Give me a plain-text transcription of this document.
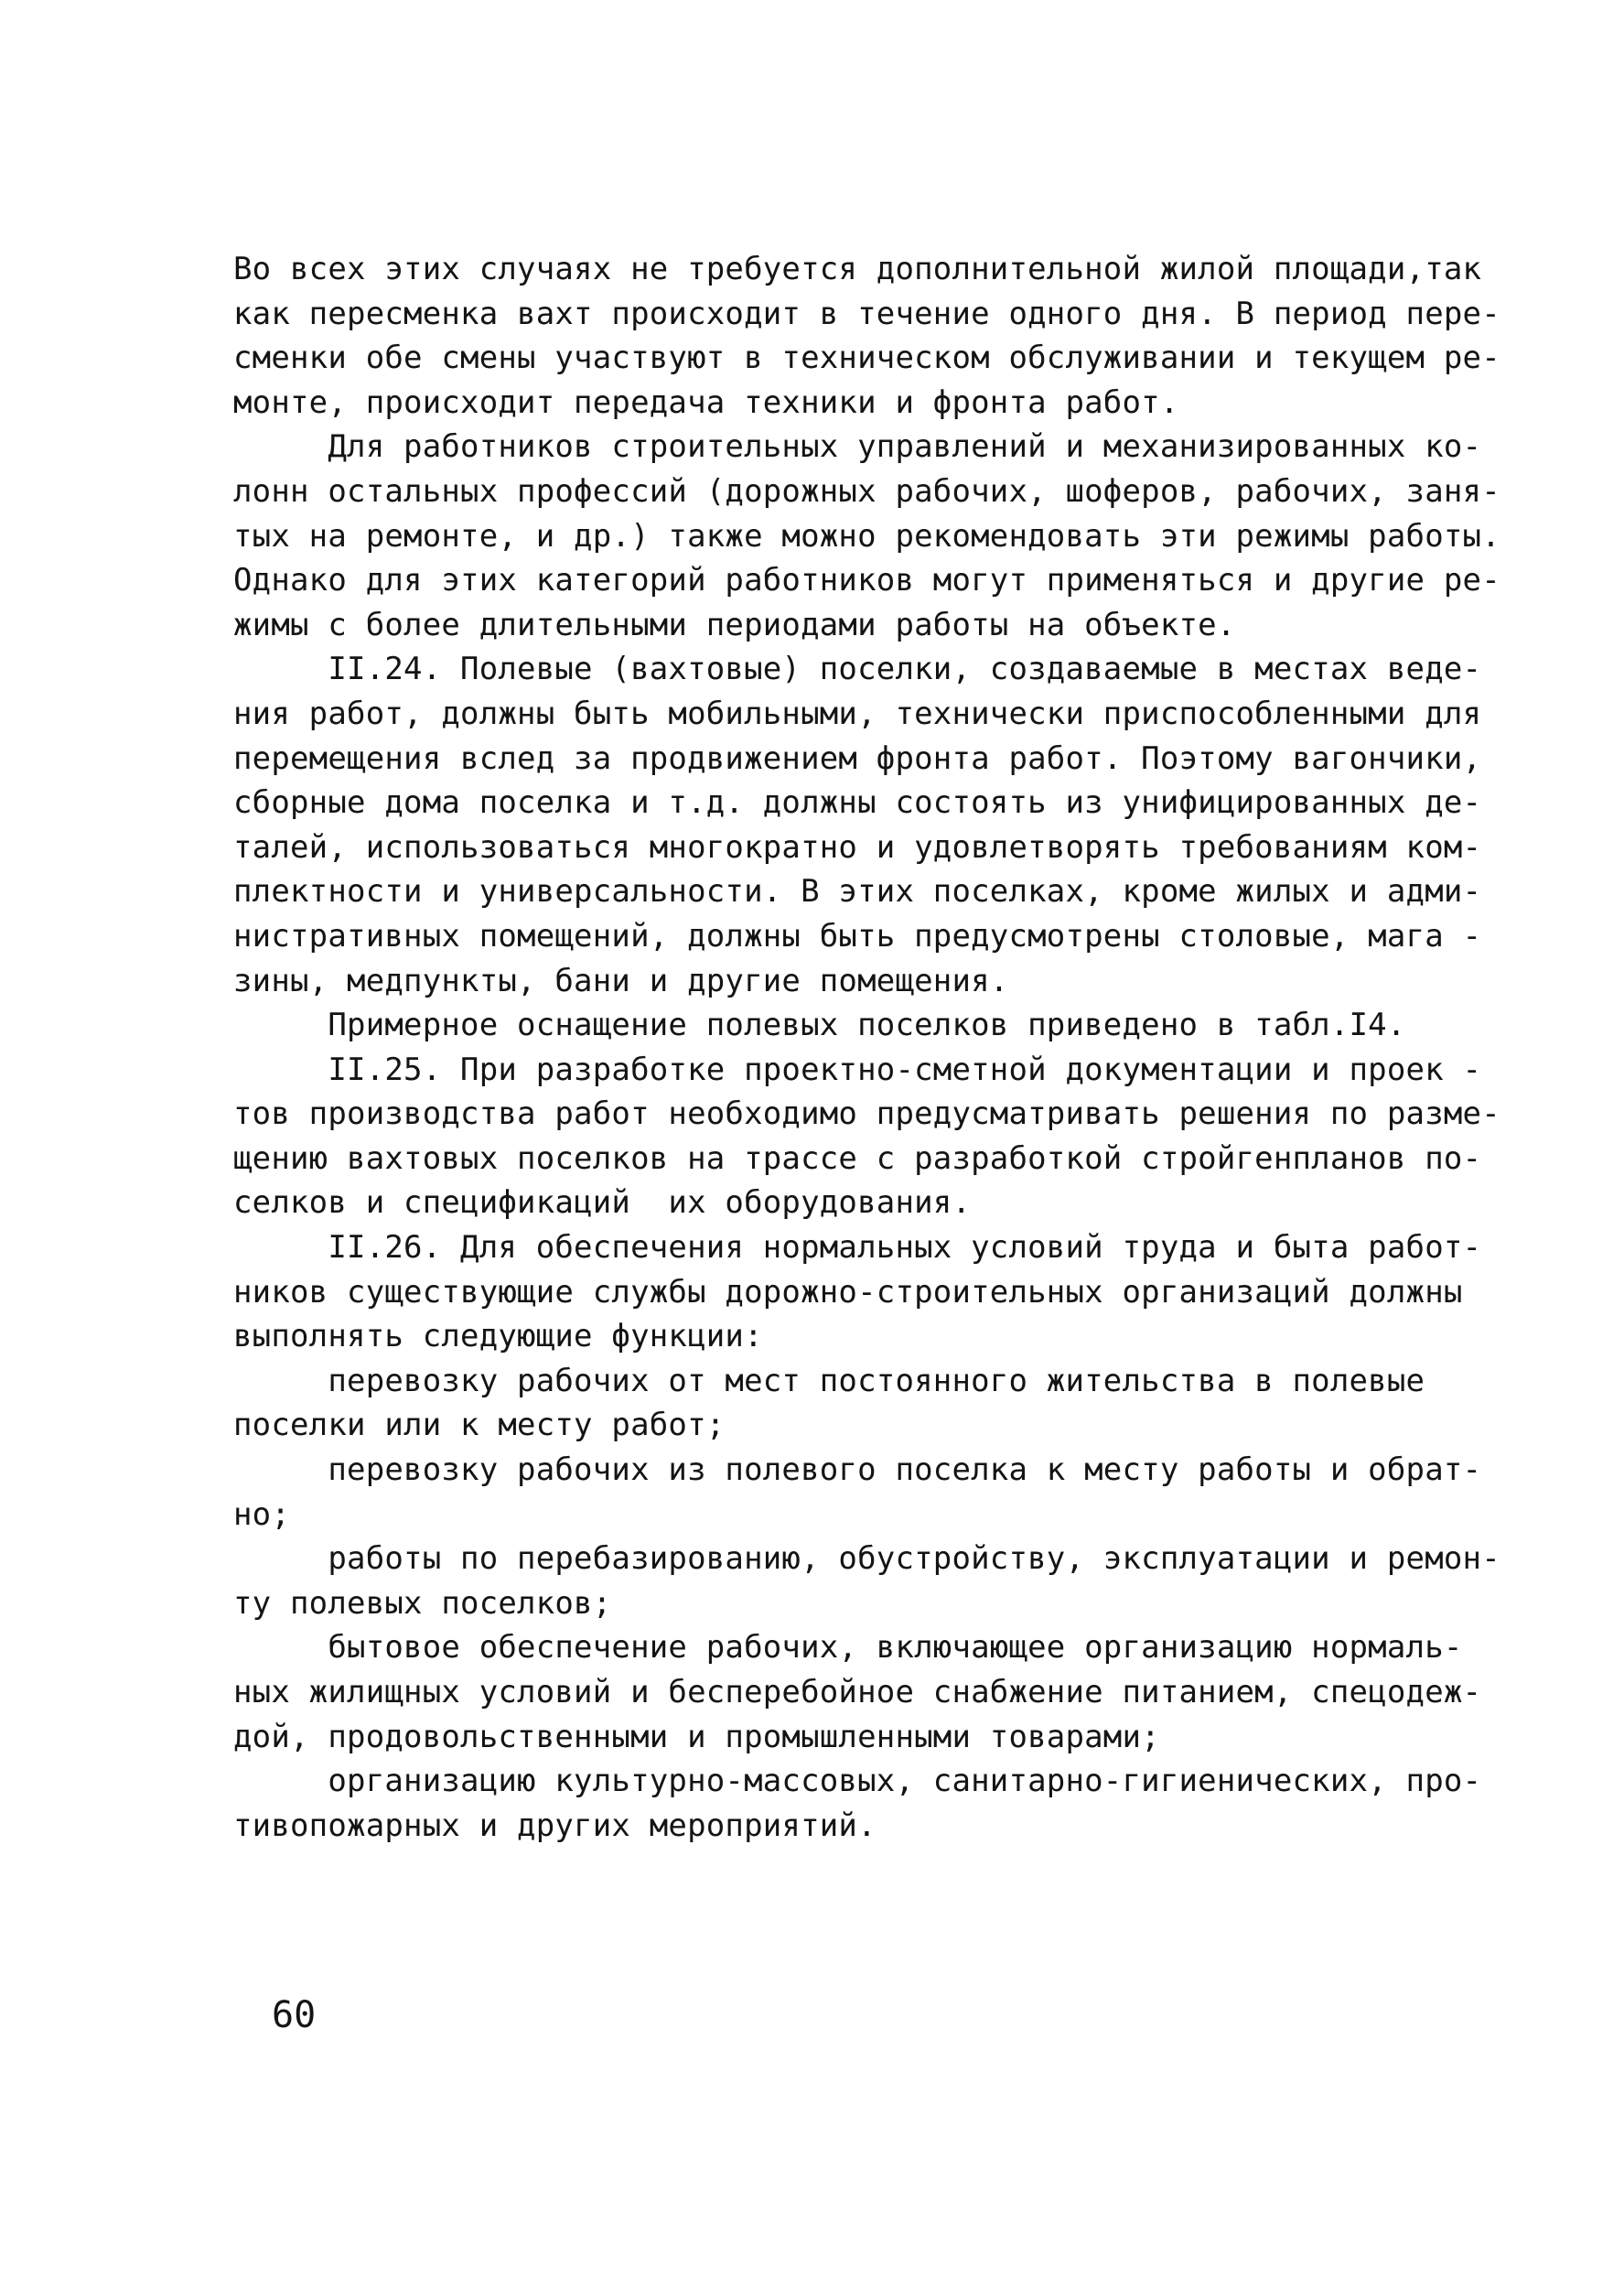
Во всех этих случаях не требуется дополнительной жилой площади,так
как пересменка вахт происходит в течение одного дня. В период пере-
сменки обе смены участвуют в техническом обслуживании и текущем ре-
монте, происходит передача техники и фронта работ.
Для работников строительных управлений и механизированных ко-
лонн остальных профессий (дорожных рабочих, шоферов, рабочих, заня-
тых на ремонте, и др.) также можно рекомендовать эти режимы работы.
Однако для этих категорий работников могут применяться и другие ре-
жимы с более длительными периодами работы на объекте.
II.24. Полевые (вахтовые) поселки, создаваемые в местах веде-
ния работ, должны быть мобильными, технически приспособленными для
перемещения вслед за продвижением фронта работ. Поэтому вагончики,
сборные дома поселка и т.д. должны состоять из унифицированных де-
талей, использоваться многократно и удовлетворять требованиям ком-
плектности и универсальности. В этих поселках, кроме жилых и адми-
нистративных помещений, должны быть предусмотрены столовые, мага -
зины, медпункты, бани и другие помещения.
Примерное оснащение полевых поселков приведено в табл.I4.
II.25. При разработке проектно-сметной документации и проек -
тов производства работ необходимо предусматривать решения по разме-
щению вахтовых поселков на трассе с разработкой стройгенпланов по-
селков и спецификаций  их оборудования.
II.26. Для обеспечения нормальных условий труда и быта работ-
ников существующие службы дорожно-строительных организаций должны
выполнять следующие функции:
перевозку рабочих от мест постоянного жительства в полевые
поселки или к месту работ;
перевозку рабочих из полевого поселка к месту работы и обрат-
но;
работы по перебазированию, обустройству, эксплуатации и ремон-
ту полевых поселков;
бытовое обеспечение рабочих, включающее организацию нормаль-
ных жилищных условий и бесперебойное снабжение питанием, спецодеж-
дой, продовольственными и промышленными товарами;
организацию культурно-массовых, санитарно-гигиенических, про-
тивопожарных и других мероприятий.
60
